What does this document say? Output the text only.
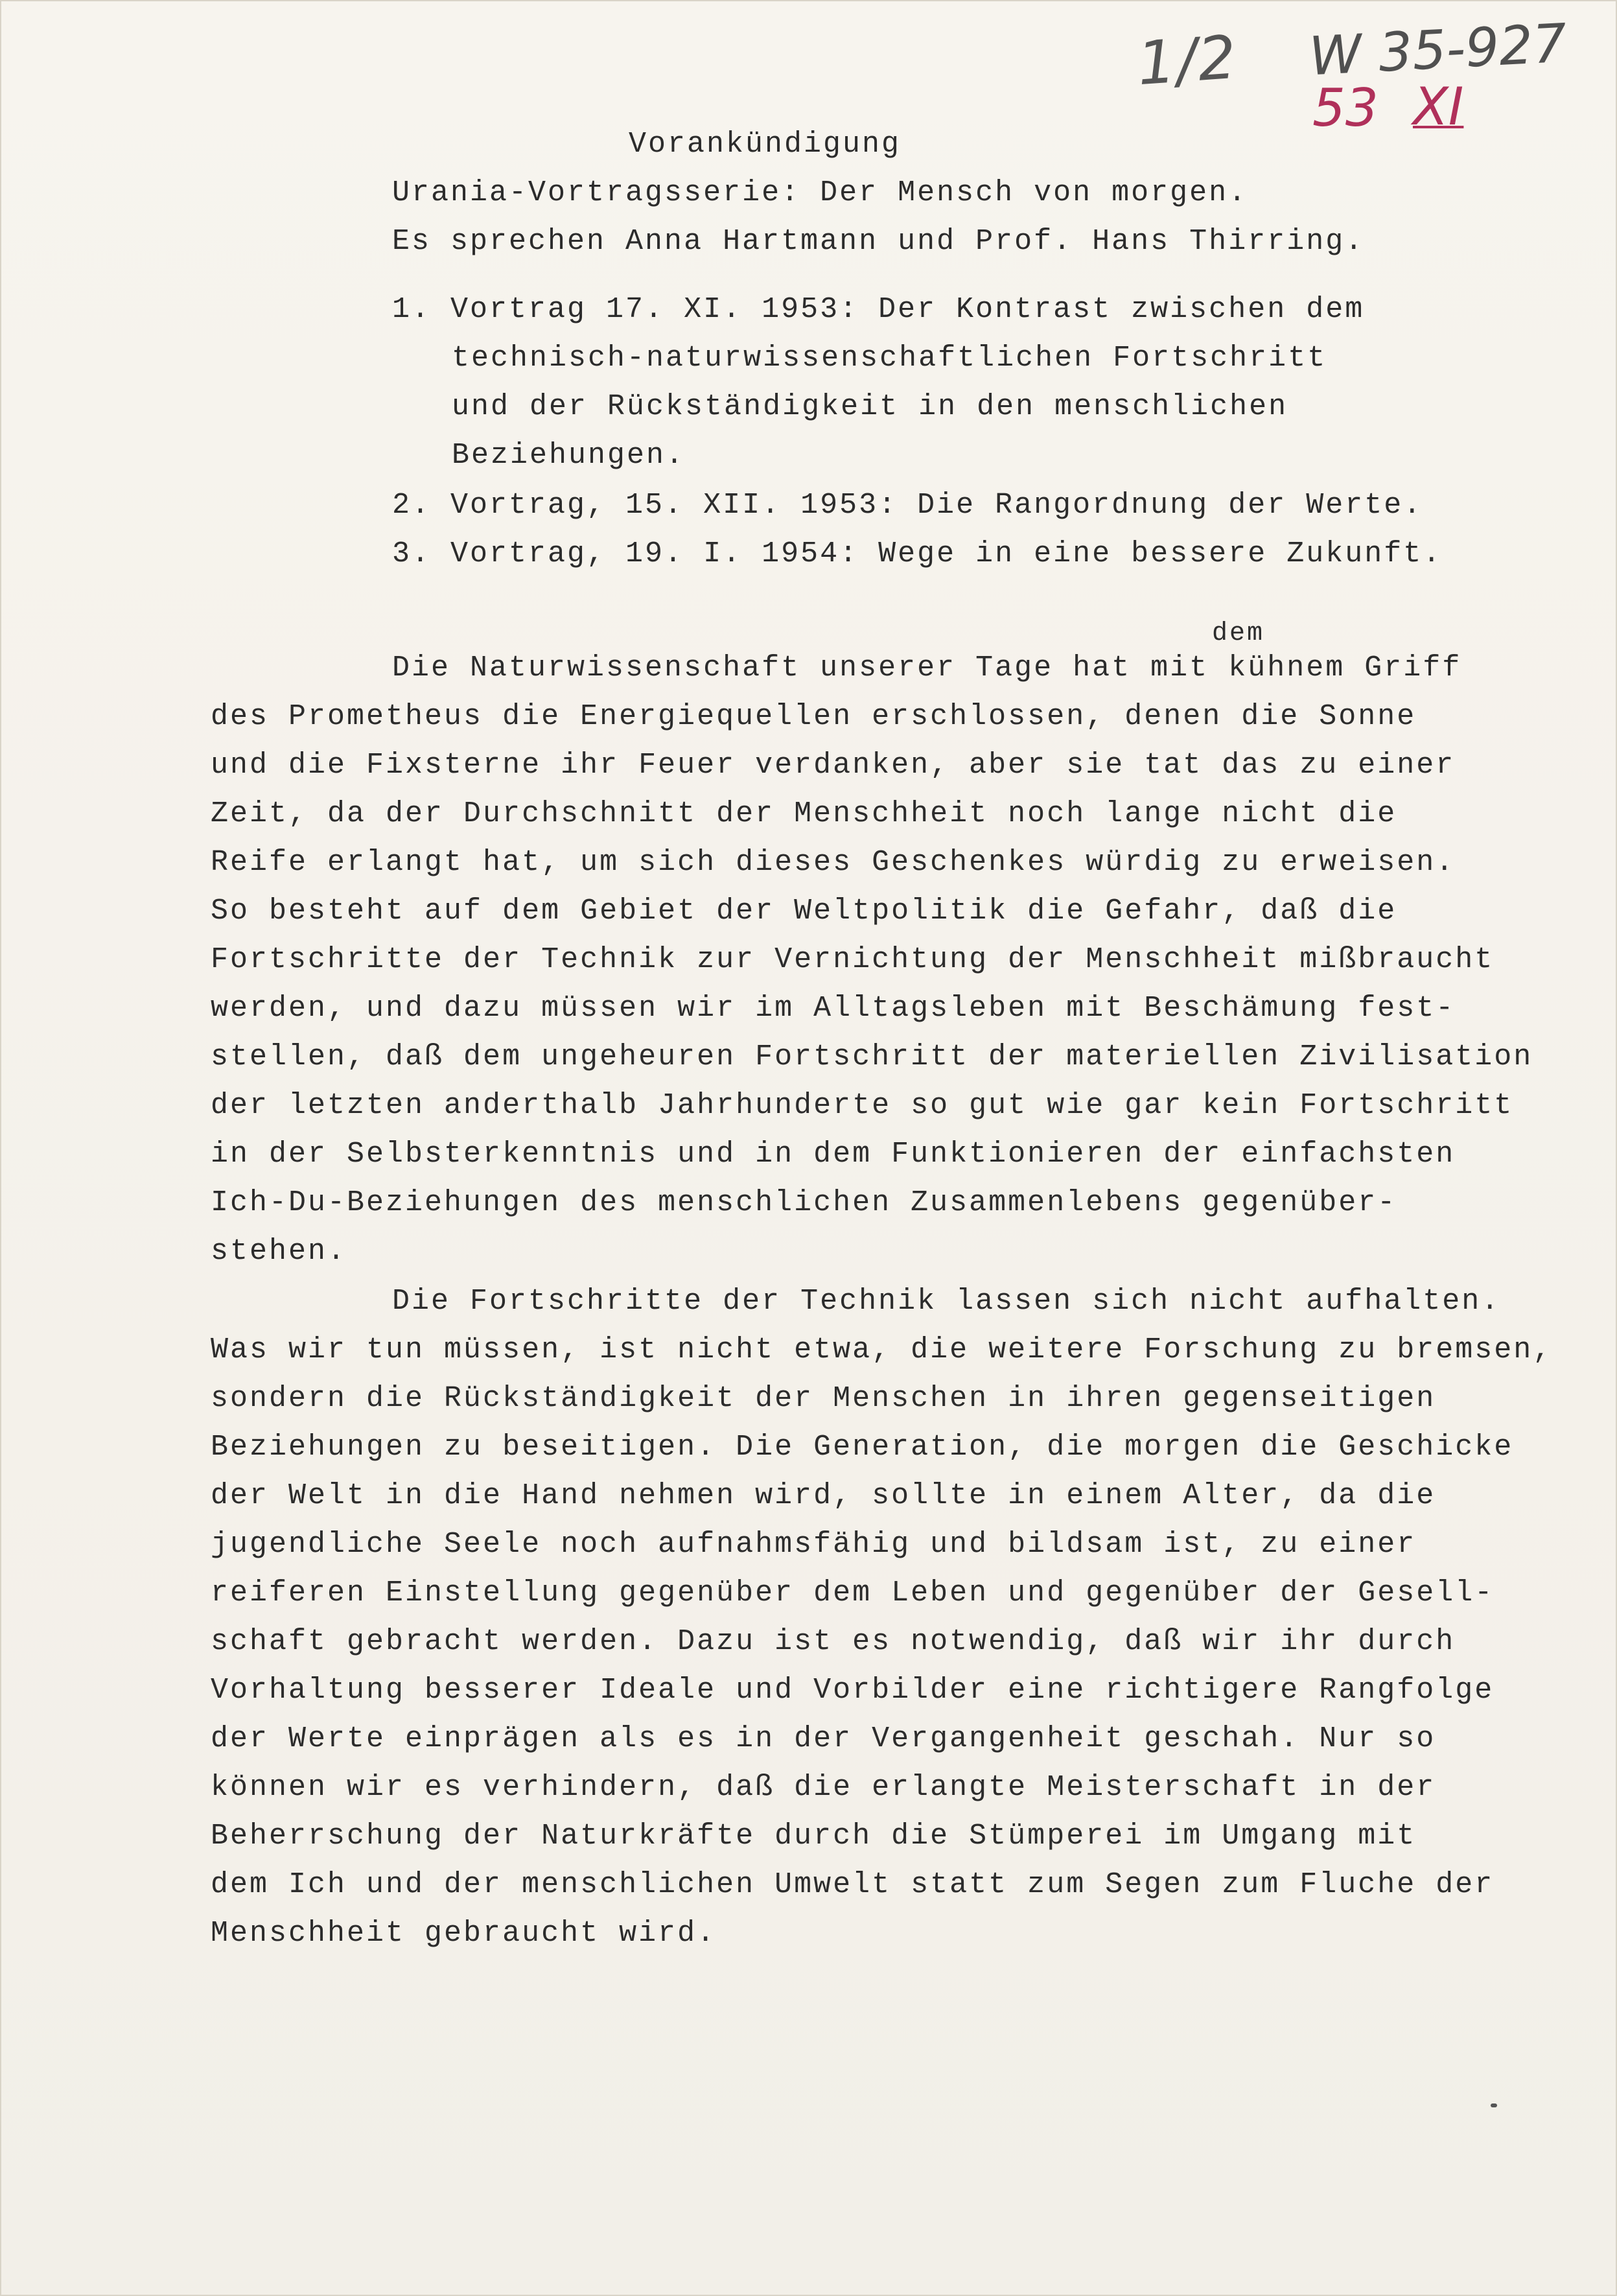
1/2 W 35-927
53 XI
Vorankündigung
Urania-Vortragsserie: Der Mensch von morgen.
Es sprechen Anna Hartmann und Prof. Hans Thirring.
1. Vortrag 17. XI. 1953: Der Kontrast zwischen dem
technisch-naturwissenschaftlichen Fortschritt
und der Rückständigkeit in den menschlichen
Beziehungen.
2. Vortrag, 15. XII. 1953: Die Rangordnung der Werte.
3. Vortrag, 19. I. 1954: Wege in eine bessere Zukunft.
dem
Die Naturwissenschaft unserer Tage hat mit kühnem Griff
des Prometheus die Energiequellen erschlossen, denen die Sonne
und die Fixsterne ihr Feuer verdanken, aber sie tat das zu einer
Zeit, da der Durchschnitt der Menschheit noch lange nicht die
Reife erlangt hat, um sich dieses Geschenkes würdig zu erweisen.
So besteht auf dem Gebiet der Weltpolitik die Gefahr, daß die
Fortschritte der Technik zur Vernichtung der Menschheit mißbraucht
werden, und dazu müssen wir im Alltagsleben mit Beschämung fest-
stellen, daß dem ungeheuren Fortschritt der materiellen Zivilisation
der letzten anderthalb Jahrhunderte so gut wie gar kein Fortschritt
in der Selbsterkenntnis und in dem Funktionieren der einfachsten
Ich-Du-Beziehungen des menschlichen Zusammenlebens gegenüber-
stehen.
Die Fortschritte der Technik lassen sich nicht aufhalten.
Was wir tun müssen, ist nicht etwa, die weitere Forschung zu bremsen,
sondern die Rückständigkeit der Menschen in ihren gegenseitigen
Beziehungen zu beseitigen. Die Generation, die morgen die Geschicke
der Welt in die Hand nehmen wird, sollte in einem Alter, da die
jugendliche Seele noch aufnahmsfähig und bildsam ist, zu einer
reiferen Einstellung gegenüber dem Leben und gegenüber der Gesell-
schaft gebracht werden. Dazu ist es notwendig, daß wir ihr durch
Vorhaltung besserer Ideale und Vorbilder eine richtigere Rangfolge
der Werte einprägen als es in der Vergangenheit geschah. Nur so
können wir es verhindern, daß die erlangte Meisterschaft in der
Beherrschung der Naturkräfte durch die Stümperei im Umgang mit
dem Ich und der menschlichen Umwelt statt zum Segen zum Fluche der
Menschheit gebraucht wird.
